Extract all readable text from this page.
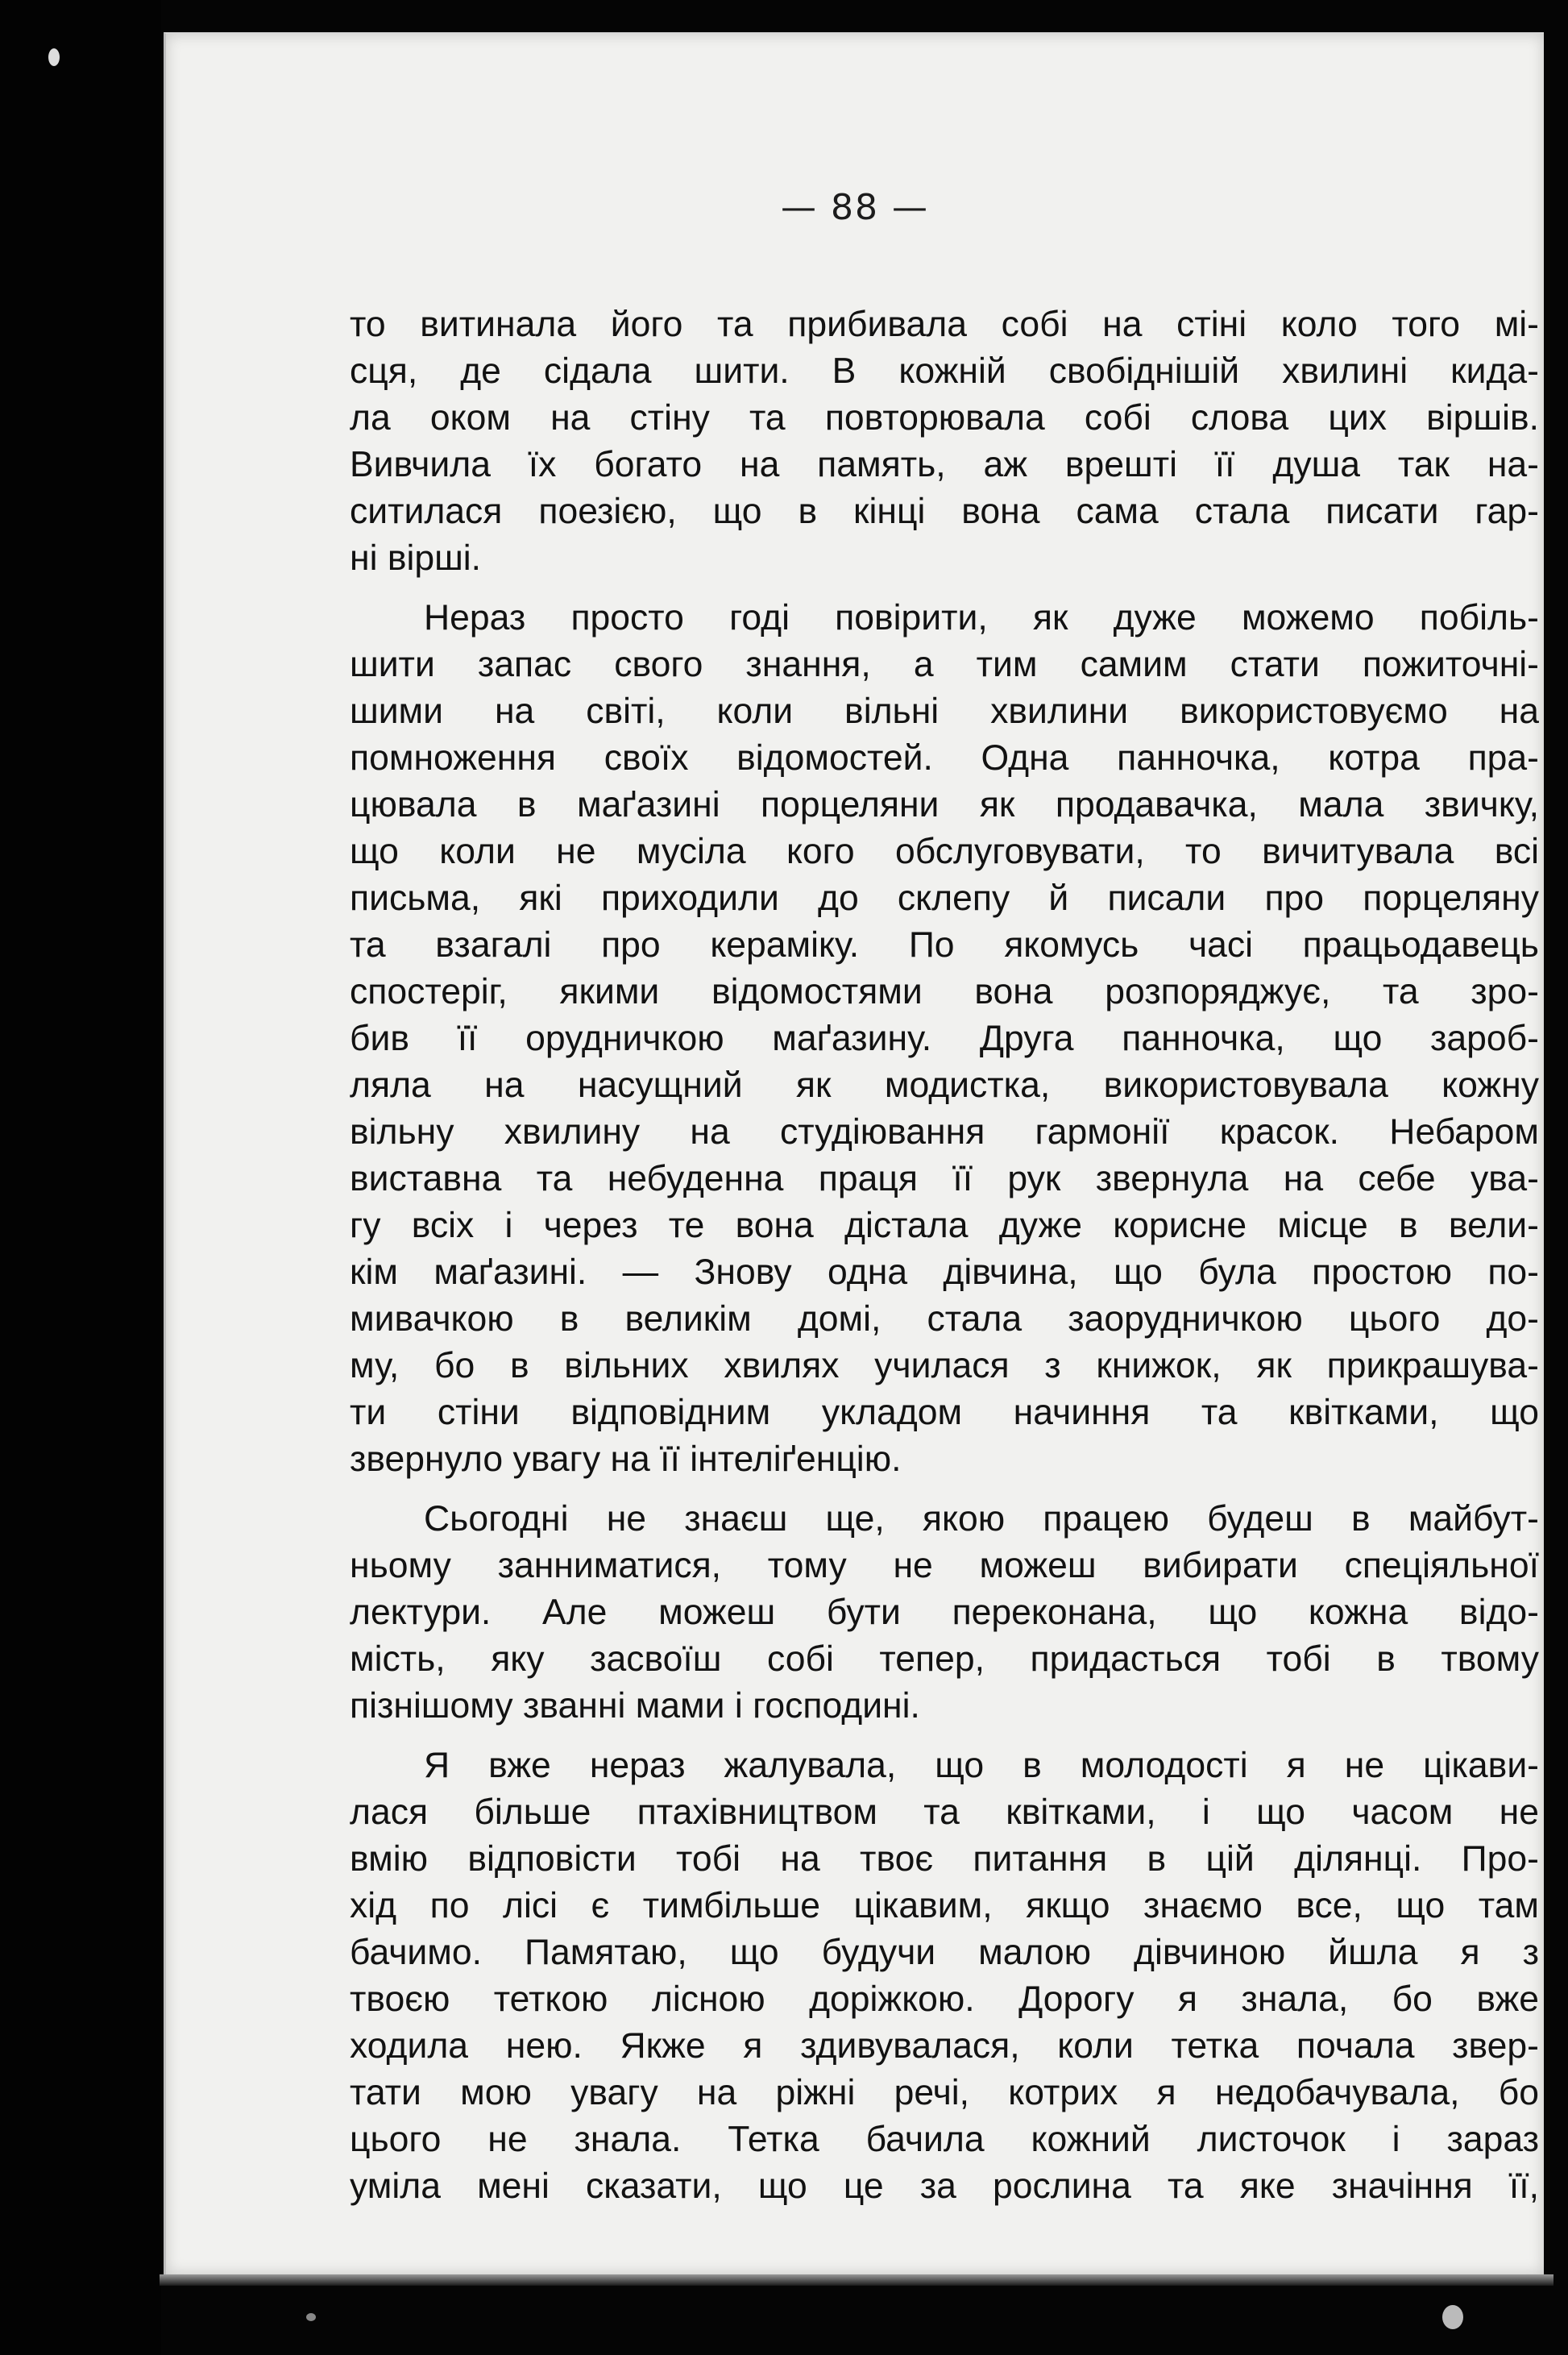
— 88 —

то витинала його та прибивала собі на стіні коло того мі-
сця, де сідала шити. В кожній свобіднішій хвилині кида-
ла оком на стіну та повторювала собі слова цих віршів.
Вивчила їх богато на память, аж врешті її душа так на-
ситилася поезією, що в кінці вона сама стала писати гар-
ні вірші.

Нераз просто годі повірити, як дуже можемо побіль-
шити запас свого знання, а тим самим стати пожиточні-
шими на світі, коли вільні хвилини використовуємо на
помноження своїх відомостей. Одна панночка, котра пра-
цювала в маґазині порцеляни як продавачка, мала звичку,
що коли не мусіла кого обслуговувати, то вичитувала всі
письма, які приходили до склепу й писали про порцеляну
та взагалі про кераміку. По якомусь часі працьодавець
спостеріг, якими відомостями вона розпоряджує, та зро-
бив її орудничкою маґазину. Друга панночка, що зароб-
ляла на насущний як модистка, використовувала кожну
вільну хвилину на студіювання гармонії красок. Небаром
виставна та небуденна праця її рук звернула на себе ува-
гу всіх і через те вона дістала дуже корисне місце в вели-
кім маґазині. — Знову одна дівчина, що була простою по-
мивачкою в великім домі, стала заорудничкою цього до-
му, бо в вільних хвилях училася з книжок, як прикрашува-
ти стіни відповідним укладом начиння та квітками, що
звернуло увагу на її інтеліґенцію.

Сьогодні не знаєш ще, якою працею будеш в майбут-
ньому занниматися, тому не можеш вибирати спеціяльної
лектури. Але можеш бути переконана, що кожна відо-
мість, яку засвоїш собі тепер, придасться тобі в твому
пізнішому званні мами і господині.

Я вже нераз жалувала, що в молодості я не цікави-
лася більше птахівництвом та квітками, і що часом не
вмію відповісти тобі на твоє питання в цій ділянці. Про-
хід по лісі є тимбільше цікавим, якщо знаємо все, що там
бачимо. Памятаю, що будучи малою дівчиною йшла я з
твоєю теткою лісною доріжкою. Дорогу я знала, бо вже
ходила нею. Якже я здивувалася, коли тетка почала звер-
тати мою увагу на ріжні речі, котрих я недобачувала, бо
цього не знала. Тетка бачила кожний листочок і зараз
уміла мені сказати, що це за рослина та яке значіння її,
